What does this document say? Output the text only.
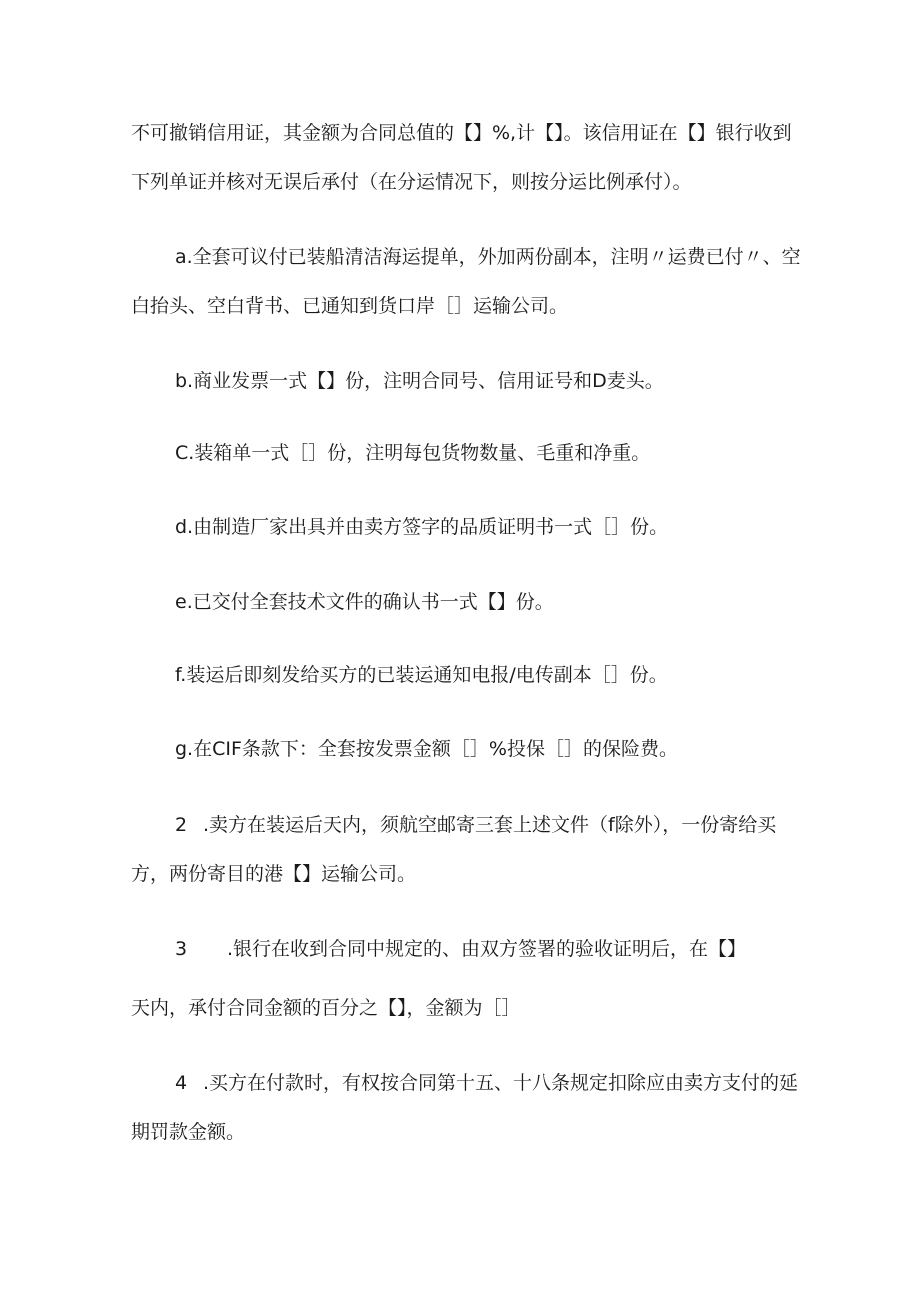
不可撤销信用证，其金额为合同总值的【】%,计【】。该信用证在【】银行收到

下列单证并核对无误后承付（在分运情况下，则按分运比例承付）。

a.全套可议付已装船清洁海运提单，外加两份副本，注明〃运费已付〃、空

白抬头、空白背书、已通知到货口岸［］运输公司。

b.商业发票一式【】份，注明合同号、信用证号和D麦头。

C.装箱单一式［］份，注明每包货物数量、毛重和净重。

d.由制造厂家出具并由卖方签字的品质证明书一式［］份。

e.已交付全套技术文件的确认书一式【】份。

f.装运后即刻发给买方的已装运通知电报/电传副本［］份。

g.在CIF条款下：全套按发票金额［］%投保［］的保险费。

2 .卖方在装运后天内，须航空邮寄三套上述文件（f除外），一份寄给买

方，两份寄目的港【】运输公司。

3 .银行在收到合同中规定的、由双方签署的验收证明后，在【】

天内，承付合同金额的百分之【】，金额为［］

4 .买方在付款时，有权按合同第十五、十八条规定扣除应由卖方支付的延

期罚款金额。
